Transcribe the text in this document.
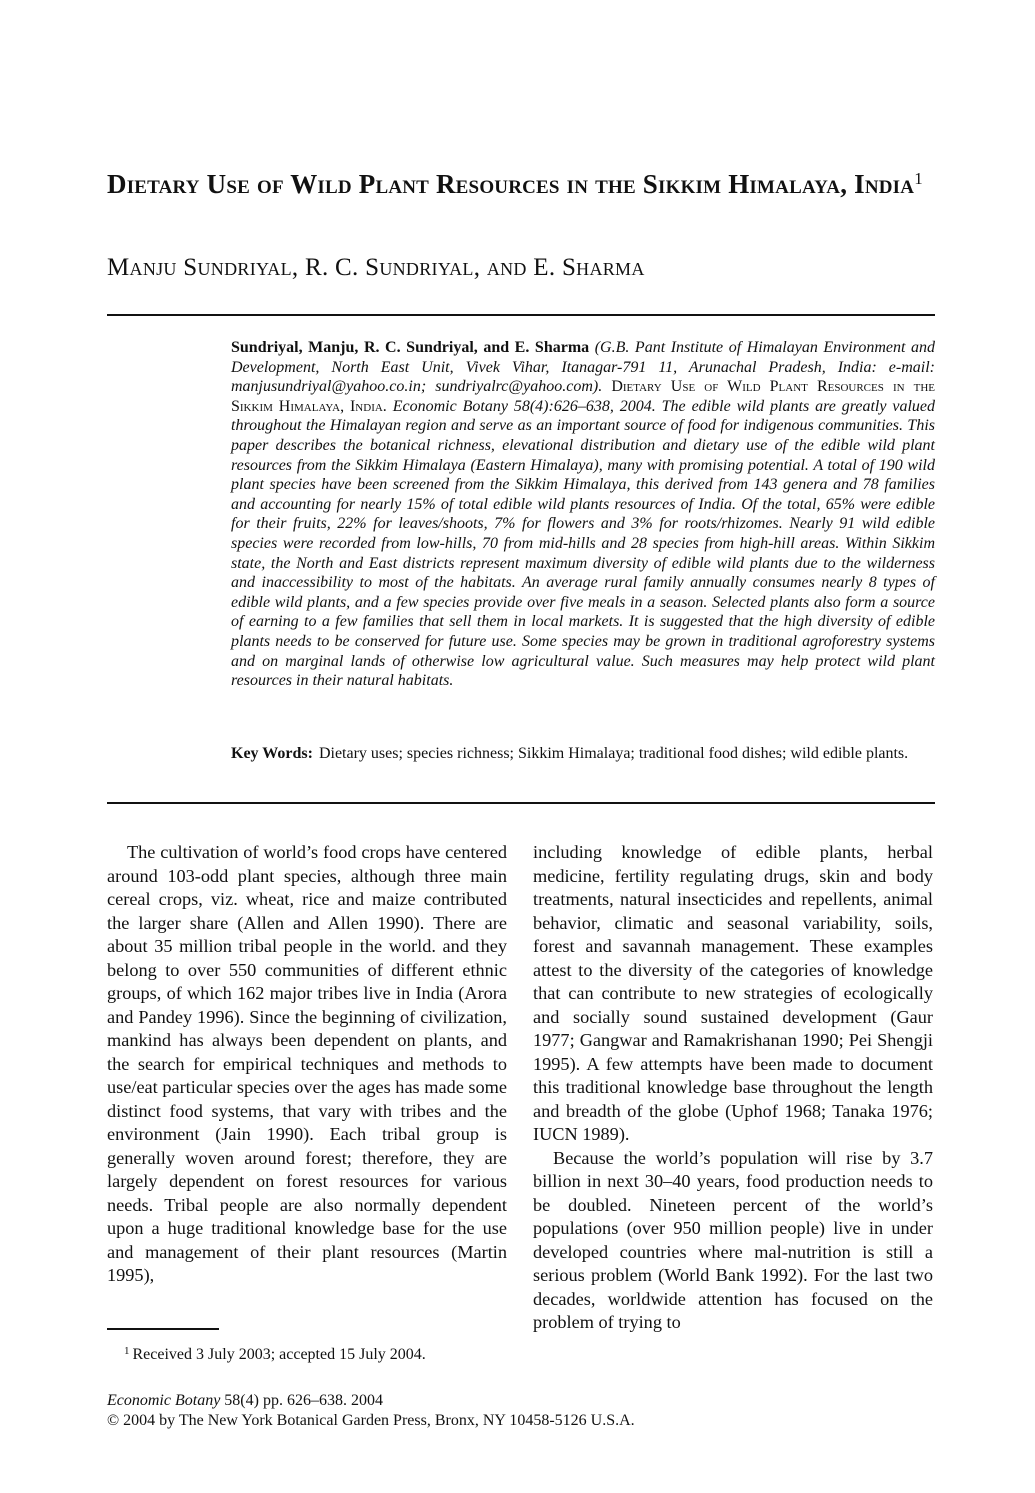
Dietary Use of Wild Plant Resources in the Sikkim Himalaya, India$^1$

Manju Sundriyal, R. C. Sundriyal, and E. Sharma

Sundriyal, Manju, R. C. Sundriyal, and E. Sharma (G.B. Pant Institute of Himalayan Environment and Development, North East Unit, Vivek Vihar, Itanagar-791 11, Arunachal Pradesh, India: e-mail: manjusundriyal@yahoo.co.in; sundriyalrc@yahoo.com). Dietary Use of Wild Plant Resources in the Sikkim Himalaya, India. Economic Botany 58(4):626–638, 2004. The edible wild plants are greatly valued throughout the Himalayan region and serve as an important source of food for indigenous communities. This paper describes the botanical richness, elevational distribution and dietary use of the edible wild plant resources from the Sikkim Himalaya (Eastern Himalaya), many with promising potential. A total of 190 wild plant species have been screened from the Sikkim Himalaya, this derived from 143 genera and 78 families and accounting for nearly 15% of total edible wild plants resources of India. Of the total, 65% were edible for their fruits, 22% for leaves/shoots, 7% for flowers and 3% for roots/rhizomes. Nearly 91 wild edible species were recorded from low-hills, 70 from mid-hills and 28 species from high-hill areas. Within Sikkim state, the North and East districts represent maximum diversity of edible wild plants due to the wilderness and inaccessibility to most of the habitats. An average rural family annually consumes nearly 8 types of edible wild plants, and a few species provide over five meals in a season. Selected plants also form a source of earning to a few families that sell them in local markets. It is suggested that the high diversity of edible plants needs to be conserved for future use. Some species may be grown in traditional agroforestry systems and on marginal lands of otherwise low agricultural value. Such measures may help protect wild plant resources in their natural habitats.

Key Words: Dietary uses; species richness; Sikkim Himalaya; traditional food dishes; wild edible plants.

The cultivation of world’s food crops have centered around 103-odd plant species, although three main cereal crops, viz. wheat, rice and maize contributed the larger share (Allen and Allen 1990). There are about 35 million tribal people in the world. and they belong to over 550 communities of different ethnic groups, of which 162 major tribes live in India (Arora and Pandey 1996). Since the beginning of civilization, mankind has always been dependent on plants, and the search for empirical techniques and methods to use/eat particular species over the ages has made some distinct food systems, that vary with tribes and the environment (Jain 1990). Each tribal group is generally woven around forest; therefore, they are largely dependent on forest resources for various needs. Tribal people are also normally dependent upon a huge traditional knowledge base for the use and management of their plant resources (Martin 1995),

including knowledge of edible plants, herbal medicine, fertility regulating drugs, skin and body treatments, natural insecticides and repellents, animal behavior, climatic and seasonal variability, soils, forest and savannah management. These examples attest to the diversity of the categories of knowledge that can contribute to new strategies of ecologically and socially sound sustained development (Gaur 1977; Gangwar and Ramakrishanan 1990; Pei Shengji 1995). A few attempts have been made to document this traditional knowledge base throughout the length and breadth of the globe (Uphof 1968; Tanaka 1976; IUCN 1989).

Because the world’s population will rise by 3.7 billion in next 30–40 years, food production needs to be doubled. Nineteen percent of the world’s populations (over 950 million people) live in under developed countries where mal-nutrition is still a serious problem (World Bank 1992). For the last two decades, worldwide attention has focused on the problem of trying to

$^1$ Received 3 July 2003; accepted 15 July 2004.

Economic Botany 58(4) pp. 626–638. 2004
© 2004 by The New York Botanical Garden Press, Bronx, NY 10458-5126 U.S.A.
